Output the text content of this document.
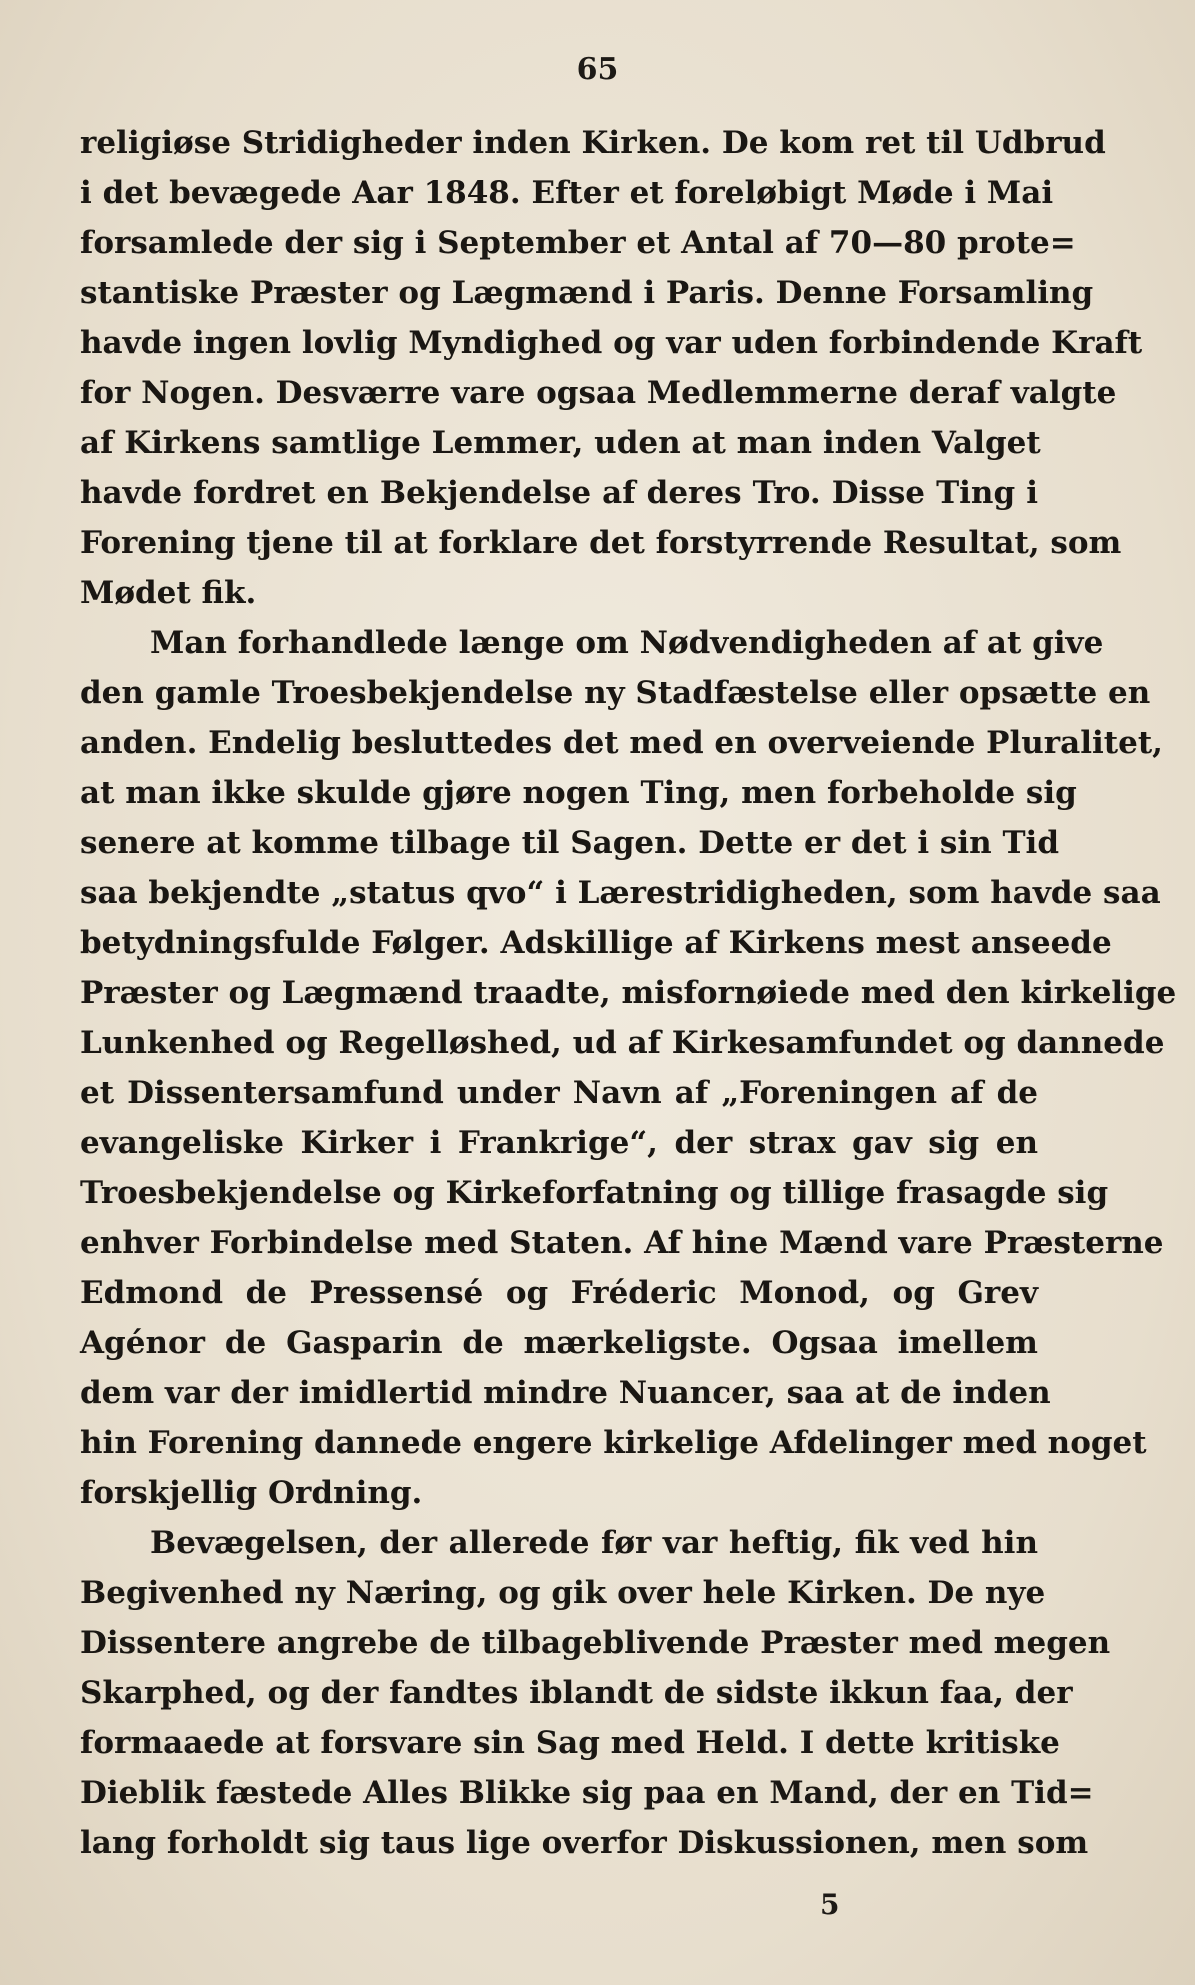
65
religiøse Stridigheder inden Kirken. De kom ret til Udbrud
i det bevægede Aar 1848. Efter et foreløbigt Møde i Mai
forsamlede der sig i September et Antal af 70—80 prote=
stantiske Præster og Lægmænd i Paris. Denne Forsamling
havde ingen lovlig Myndighed og var uden forbindende Kraft
for Nogen. Desværre vare ogsaa Medlemmerne deraf valgte
af Kirkens samtlige Lemmer, uden at man inden Valget
havde fordret en Bekjendelse af deres Tro. Disse Ting i
Forening tjene til at forklare det forstyrrende Resultat, som
Mødet fik.
Man forhandlede længe om Nødvendigheden af at give
den gamle Troesbekjendelse ny Stadfæstelse eller opsætte en
anden. Endelig besluttedes det med en overveiende Pluralitet,
at man ikke skulde gjøre nogen Ting, men forbeholde sig
senere at komme tilbage til Sagen. Dette er det i sin Tid
saa bekjendte „status qvo“ i Lærestridigheden, som havde saa
betydningsfulde Følger. Adskillige af Kirkens mest anseede
Præster og Lægmænd traadte, misfornøiede med den kirkelige
Lunkenhed og Regelløshed, ud af Kirkesamfundet og dannede
et Dissentersamfund under Navn af „Foreningen af de
evangeliske Kirker i Frankrige“, der strax gav sig en
Troesbekjendelse og Kirkeforfatning og tillige frasagde sig
enhver Forbindelse med Staten. Af hine Mænd vare Præsterne
Edmond de Pressensé og Fréderic Monod, og Grev
Agénor de Gasparin de mærkeligste. Ogsaa imellem
dem var der imidlertid mindre Nuancer, saa at de inden
hin Forening dannede engere kirkelige Afdelinger med noget
forskjellig Ordning.
Bevægelsen, der allerede før var heftig, fik ved hin
Begivenhed ny Næring, og gik over hele Kirken. De nye
Dissentere angrebe de tilbageblivende Præster med megen
Skarphed, og der fandtes iblandt de sidste ikkun faa, der
formaaede at forsvare sin Sag med Held. I dette kritiske
Dieblik fæstede Alles Blikke sig paa en Mand, der en Tid=
lang forholdt sig taus lige overfor Diskussionen, men som
5
